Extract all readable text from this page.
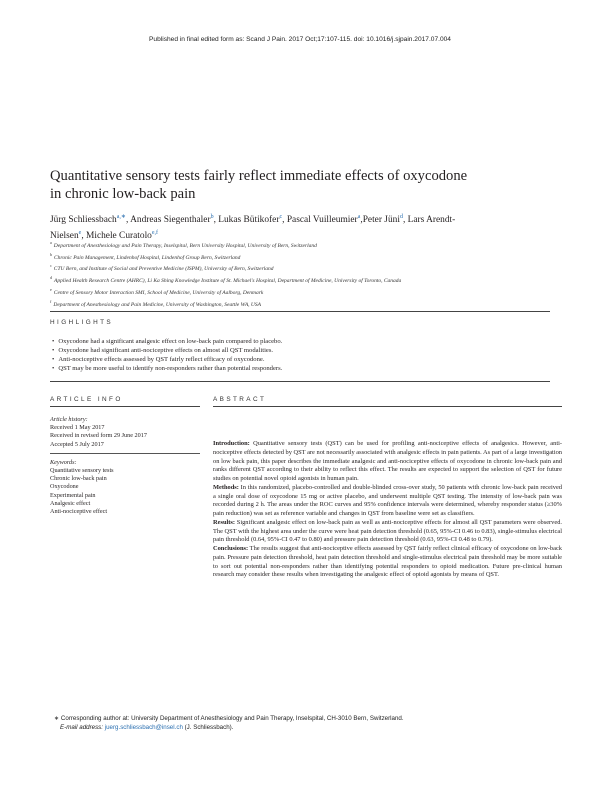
Published in final edited form as: Scand J Pain. 2017 Oct;17:107-115. doi: 10.1016/j.sjpain.2017.07.004
Quantitative sensory tests fairly reflect immediate effects of oxycodone in chronic low-back pain
Jürg Schliessbach$^{a,∗}$, Andreas Siegenthaler$^b$, Lukas Bütikofer$^c$, Pascal Vuilleumier$^a$,Peter Jüni$^d$, Lars Arendt-Nielsen$^e$, Michele Curatolo$^{e,f}$
$^a$Department of Anesthesiology and Pain Therapy, Inselspital, Bern University Hospital, University of Bern, Switzerland
$^b$Chronic Pain Management, Lindenhof Hospital, Lindenhof Group Bern, Switzerland
$^c$CTU Bern, and Institute of Social and Preventive Medicine (ISPM), University of Bern, Switzerland
$^d$Applied Health Research Centre (AHRC), Li Ka Shing Knowledge Institute of St. Michael's Hospital, Department of Medicine, University of Toronto, Canada
$^e$Centre of Sensory Motor Interaction SMI, School of Medicine, University of Aalborg, Denmark
$^f$Department of Anesthesiology and Pain Medicine, University of Washington, Seattle WA, USA
HIGHLIGHTS
• Oxycodone had a significant analgesic effect on low-back pain compared to placebo.
• Oxycodone had significant anti-nociceptive effects on almost all QST modalities.
• Anti-nociceptive effects assessed by QST fairly reflect efficacy of oxycodone.
• QST may be more useful to identify non-responders rather than potential responders.
ARTICLE INFO
Article history:
Received 1 May 2017
Received in revised form 29 June 2017
Accepted 5 July 2017
Keywords:
Quantitative sensory tests
Chronic low-back pain
Oxycodone
Experimental pain
Analgesic effect
Anti-nociceptive effect
ABSTRACT

Introduction: Quantitative sensory tests (QST) can be used for profiling anti-nociceptive effects of analgesics. However, anti-nociceptive effects detected by QST are not necessarily associated with analgesic effects in pain patients. As part of a large investigation on low back pain, this paper describes the immediate analgesic and anti-nociceptive effects of oxycodone in chronic low-back pain and ranks different QST according to their ability to reflect this effect. The results are expected to support the selection of QST for future studies on potential novel opioid agonists in human pain.

Methods: In this randomized, placebo-controlled and double-blinded cross-over study, 50 patients with chronic low-back pain received a single oral dose of oxycodone 15 mg or active placebo, and underwent multiple QST testing. The intensity of low-back pain was recorded during 2 h. The areas under the ROC curves and 95% confidence intervals were determined, whereby responder status (≥30% pain reduction) was set as reference variable and changes in QST from baseline were set as classifiers.

Results: Significant analgesic effect on low-back pain as well as anti-nociceptive effects for almost all QST parameters were observed. The QST with the highest area under the curve were heat pain detection threshold (0.65, 95%-CI 0.46 to 0.83), single-stimulus electrical pain threshold (0.64, 95%-CI 0.47 to 0.80) and pressure pain detection threshold (0.63, 95%-CI 0.48 to 0.79).

Conclusions: The results suggest that anti-nociceptive effects assessed by QST fairly reflect clinical efficacy of oxycodone on low-back pain. Pressure pain detection threshold, heat pain detection threshold and single-stimulus electrical pain threshold may be more suitable to sort out potential non-responders rather than identifying potential responders to opioid medication. Future pre-clinical human research may consider these results when investigating the analgesic effect of opioid agonists by means of QST.

∗ Corresponding author at: University Department of Anesthesiology and Pain Therapy, Inselspital, CH-3010 Bern, Switzerland.
E-mail address: juerg.schliessbach@insel.ch (J. Schliessbach).
